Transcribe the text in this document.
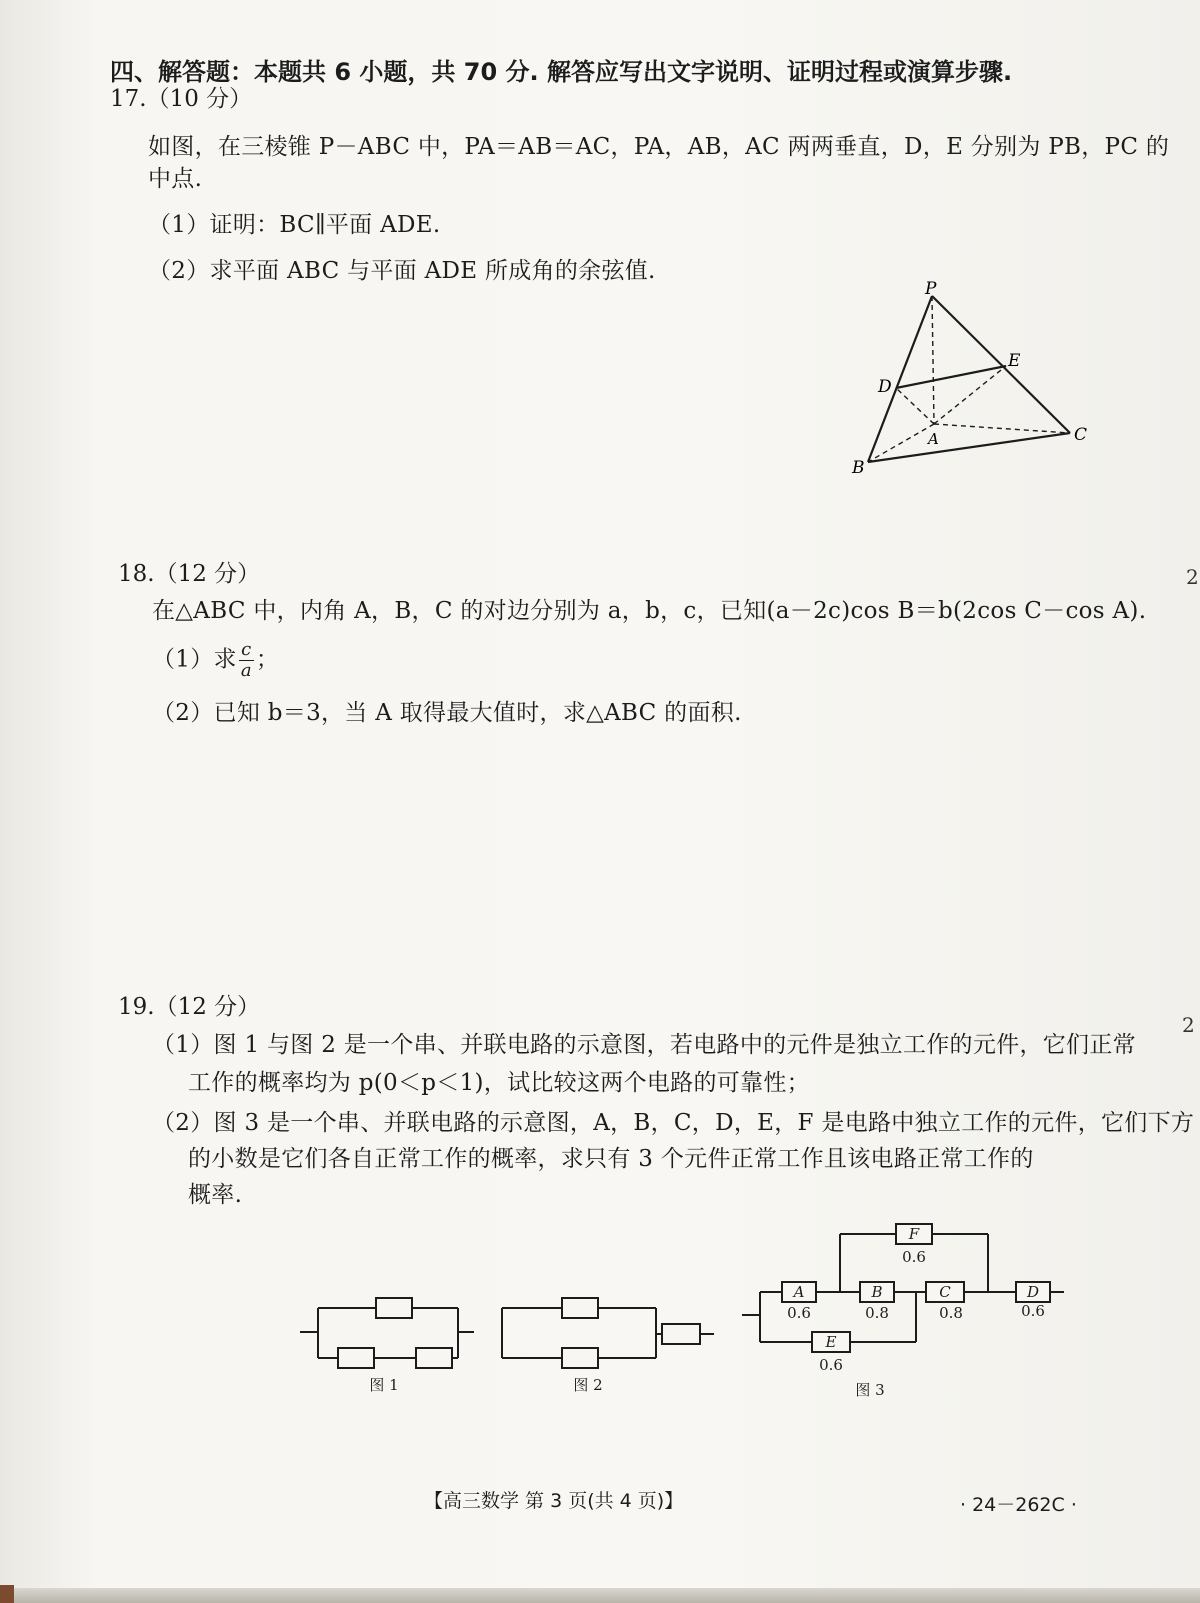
四、解答题：本题共 6 小题，共 70 分. 解答应写出文字说明、证明过程或演算步骤.
17.（10 分）
如图，在三棱锥 P－ABC 中，PA＝AB＝AC，PA，AB，AC 两两垂直，D，E 分别为 PB，PC 的
中点.
（1）证明：BC∥平面 ADE.
（2）求平面 ABC 与平面 ADE 所成角的余弦值.
P
D
E
A	C
B
18.（12 分）
在△ABC 中，内角 A，B，C 的对边分别为 a，b，c，已知(a－2c)cos B＝b(2cos C－cos A).
（1）求 $\frac{c}{a}$ ；
（2）已知 b＝3，当 A 取得最大值时，求△ABC 的面积.
19.（12 分）
（1）图 1 与图 2 是一个串、并联电路的示意图，若电路中的元件是独立工作的元件，它们正常
工作的概率均为 p(0＜p＜1)，试比较这两个电路的可靠性；
（2）图 3 是一个串、并联电路的示意图，A，B，C，D，E，F 是电路中独立工作的元件，它们下方
的小数是它们各自正常工作的概率，求只有 3 个元件正常工作且该电路正常工作的
概率.
A	B	C	D
E
F
0.6	0.8	0.8	0.6
0.6
0.6
图 1	图 2	图 3
【高三数学 第 3 页(共 4 页)】	· 24－262C ·
2
2
